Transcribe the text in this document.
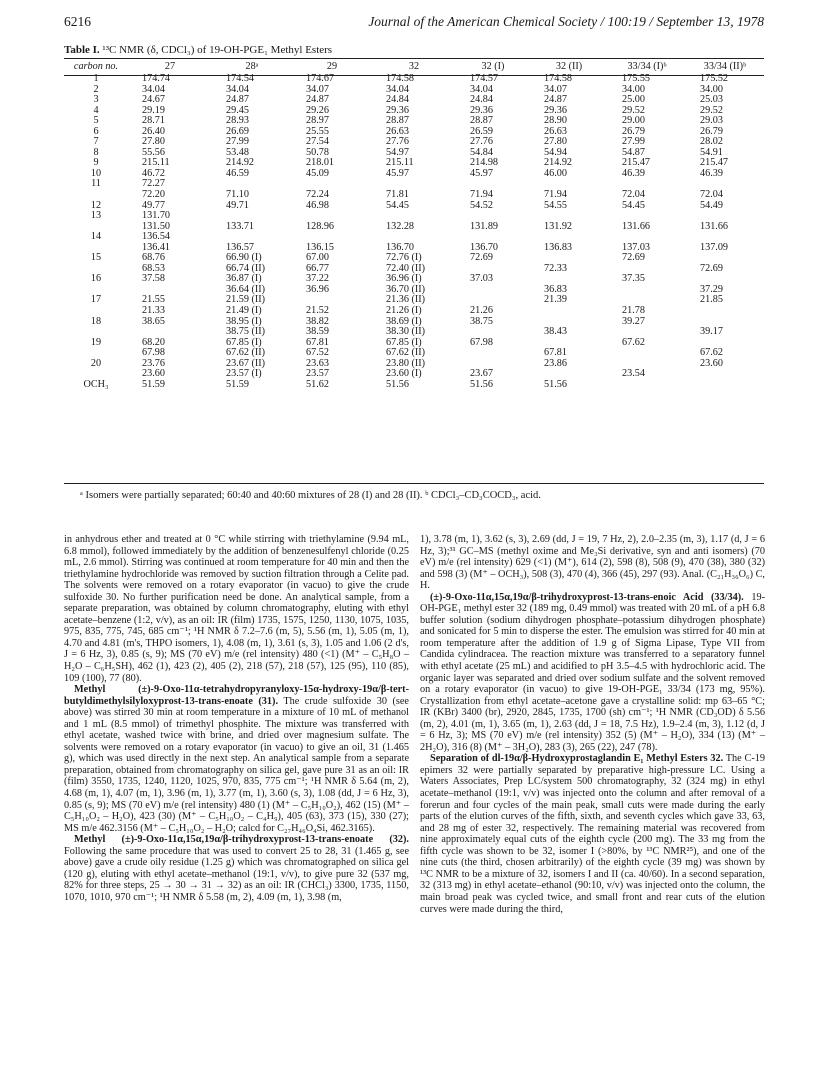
6216	Journal of the American Chemical Society / 100:19 / September 13, 1978
Table I. ¹³C NMR (δ, CDCl₃) of 19-OH-PGE₁ Methyl Esters
carbon no.	27	28ᵃ	29	32	32 (I)	32 (II)	33/34 (I)ᵇ	33/34 (II)ᵇ
1	174.74	174.54	174.67	174.58	174.57	174.58	175.55	175.52
2	34.04	34.04	34.07	34.04	34.04	34.07	34.00	34.00
3	24.67	24.87	24.87	24.84	24.84	24.87	25.00	25.03
4	29.19	29.45	29.26	29.36	29.36	29.36	29.52	29.52
5	28.71	28.93	28.97	28.87	28.87	28.90	29.00	29.03
6	26.40	26.69	25.55	26.63	26.59	26.63	26.79	26.79
7	27.80	27.99	27.54	27.76	27.76	27.80	27.99	28.02
8	55.56	53.48	50.78	54.97	54.84	54.94	54.87	54.91
9	215.11	214.92	218.01	215.11	214.98	214.92	215.47	215.47
10	46.72	46.59	45.09	45.97	45.97	46.00	46.39	46.39
11	72.27							
	72.20	71.10	72.24	71.81	71.94	71.94	72.04	72.04
12	49.77	49.71	46.98	54.45	54.52	54.55	54.45	54.49
13	131.70							
	131.50	133.71	128.96	132.28	131.89	131.92	131.66	131.66
14	136.54							
	136.41	136.57	136.15	136.70	136.70	136.83	137.03	137.09
15	68.76	66.90 (I)	67.00	72.76 (I)	72.69		72.69	
	68.53	66.74 (II)	66.77	72.40 (II)		72.33		72.69
16	37.58	36.87 (I)	37.22	36.96 (I)	37.03		37.35	
		36.64 (II)	36.96	36.70 (II)		36.83		37.29
17	21.55	21.59 (II)		21.36 (II)		21.39		21.85
	21.33	21.49 (I)	21.52	21.26 (I)	21.26		21.78	
18	38.65	38.95 (I)	38.82	38.69 (I)	38.75		39.27	
		38.75 (II)	38.59	38.30 (II)		38.43		39.17
19	68.20	67.85 (I)	67.81	67.85 (I)	67.98		67.62	
	67.98	67.62 (II)	67.52	67.62 (II)		67.81		67.62
20	23.76	23.67 (II)	23.63	23.80 (II)		23.86		23.60
	23.60	23.57 (I)	23.57	23.60 (I)	23.67		23.54	
OCH₃	51.59	51.59	51.62	51.56	51.56	51.56		
ᵃ Isomers were partially separated; 60:40 and 40:60 mixtures of 28 (I) and 28 (II). ᵇ CDCl₃–CD₃COCD₃, acid.

in anhydrous ether and treated at 0 °C while stirring with triethylamine (9.94 mL, 6.8 mmol), followed immediately by the addition of benzenesulfenyl chloride (0.25 mL, 2.6 mmol). Stirring was continued at room temperature for 40 min and then the triethylamine hydrochloride was removed by suction filtration through a Celite pad. The solvents were removed on a rotary evaporator (in vacuo) to give the crude sulfoxide 30. No further purification need be done. An analytical sample, from a separate preparation, was obtained by column chromatography, eluting with ethyl acetate–benzene (1:2, v/v), as an oil: IR (film) 1735, 1575, 1250, 1130, 1075, 1035, 975, 835, 775, 745, 685 cm⁻¹; ¹H NMR δ 7.2–7.6 (m, 5), 5.56 (m, 1), 5.05 (m, 1), 4.70 and 4.81 (m's, THPO isomers, 1), 4.08 (m, 1), 3.61 (s, 3), 1.05 and 1.06 (2 d's, J = 6 Hz, 3), 0.85 (s, 9); MS (70 eV) m/e (rel intensity) 480 (<1) (M⁺ – C₅H₈O – H₂O – C₆H₅SH), 462 (1), 423 (2), 405 (2), 218 (57), 218 (57), 125 (95), 110 (85), 109 (100), 77 (80).

Methyl (±)-9-Oxo-11α-tetrahydropyranyloxy-15α-hydroxy-19α/β-tert-butyldimethylsilyloxyprost-13-trans-enoate (31). The crude sulfoxide 30 (see above) was stirred 30 min at room temperature in a mixture of 10 mL of methanol and 1 mL (8.5 mmol) of trimethyl phosphite. The mixture was transferred with ethyl acetate, washed twice with brine, and dried over magnesium sulfate. The solvents were removed on a rotary evaporator (in vacuo) to give an oil, 31 (1.465 g), which was used directly in the next step. An analytical sample from a separate preparation, obtained from chromatography on silica gel, gave pure 31 as an oil: IR (film) 3550, 1735, 1240, 1120, 1025, 970, 835, 775 cm⁻¹; ¹H NMR δ 5.64 (m, 2), 4.68 (m, 1), 4.07 (m, 1), 3.96 (m, 1), 3.77 (m, 1), 3.60 (s, 3), 1.08 (dd, J = 6 Hz, 3), 0.85 (s, 9); MS (70 eV) m/e (rel intensity) 480 (1) (M⁺ – C₅H₁₀O₂), 462 (15) (M⁺ – C₅H₁₀O₂ – H₂O), 423 (30) (M⁺ – C₅H₁₀O₂ – C₄H₉), 405 (63), 373 (15), 330 (27); MS m/e 462.3156 (M⁺ – C₅H₁₀O₂ – H₂O; calcd for C₂₇H₄₆O₄Si, 462.3165).

Methyl (±)-9-Oxo-11α,15α,19α/β-trihydroxyprost-13-trans-enoate (32). Following the same procedure that was used to convert 25 to 28, 31 (1.465 g, see above) gave a crude oily residue (1.25 g) which was chromatographed on silica gel (120 g), eluting with ethyl acetate–methanol (19:1, v/v), to give pure 32 (537 mg, 82% for three steps, 25 → 30 → 31 → 32) as an oil: IR (CHCl₃) 3300, 1735, 1150, 1070, 1010, 970 cm⁻¹; ¹H NMR δ 5.58 (m, 2), 4.09 (m, 1), 3.98 (m,

1), 3.78 (m, 1), 3.62 (s, 3), 2.69 (dd, J = 19, 7 Hz, 2), 2.0–2.35 (m, 3), 1.17 (d, J = 6 Hz, 3);³¹ GC–MS (methyl oxime and Me₃Si derivative, syn and anti isomers) (70 eV) m/e (rel intensity) 629 (<1) (M⁺), 614 (2), 598 (8), 508 (9), 470 (38), 380 (32) and 598 (3) (M⁺ – OCH₃), 508 (3), 470 (4), 366 (45), 297 (93). Anal. (C₂₁H₃₆O₆) C, H.

(±)-9-Oxo-11α,15α,19α/β-trihydroxyprost-13-trans-enoic Acid (33/34). 19-OH-PGE₁ methyl ester 32 (189 mg, 0.49 mmol) was treated with 20 mL of a pH 6.8 buffer solution (sodium dihydrogen phosphate–potassium dihydrogen phosphate) and sonicated for 5 min to disperse the ester. The emulsion was stirred for 40 min at room temperature after the addition of 1.9 g of Sigma Lipase, Type VII from Candida cylindracea. The reaction mixture was transferred to a separatory funnel with ethyl acetate (25 mL) and acidified to pH 3.5–4.5 with hydrochloric acid. The organic layer was separated and dried over sodium sulfate and the solvent removed on a rotary evaporator (in vacuo) to give 19-OH-PGE₁ 33/34 (173 mg, 95%). Crystallization from ethyl acetate–acetone gave a crystalline solid: mp 63–65 °C; IR (KBr) 3400 (br), 2920, 2845, 1735, 1700 (sh) cm⁻¹; ¹H NMR (CD₃OD) δ 5.56 (m, 2), 4.01 (m, 1), 3.65 (m, 1), 2.63 (dd, J = 18, 7.5 Hz), 1.9–2.4 (m, 3), 1.12 (d, J = 6 Hz, 3); MS (70 eV) m/e (rel intensity) 352 (5) (M⁺ – H₂O), 334 (13) (M⁺ – 2H₂O), 316 (8) (M⁺ – 3H₂O), 283 (3), 265 (22), 247 (78).

Separation of dl-19α/β-Hydroxyprostaglandin E₁ Methyl Esters 32. The C-19 epimers 32 were partially separated by preparative high-pressure LC. Using a Waters Associates, Prep LC/system 500 chromatography, 32 (324 mg) in ethyl acetate–methanol (19:1, v/v) was injected onto the column and after removal of a forerun and four cycles of the main peak, small cuts were made during the early parts of the elution curves of the fifth, sixth, and seventh cycles which gave 33, 63, and 28 mg of ester 32, respectively. The remaining material was recovered from nine approximately equal cuts of the eighth cycle (200 mg). The 33 mg from the fifth cycle was shown to be 32, isomer I (>80%, by ¹³C NMR²⁵), and one of the nine cuts (the third, chosen arbitrarily) of the eighth cycle (39 mg) was shown by ¹³C NMR to be a mixture of 32, isomers I and II (ca. 40/60). In a second separation, 32 (313 mg) in ethyl acetate–ethanol (90:10, v/v) was injected onto the column, the main broad peak was cycled twice, and small front and rear cuts of the elution curves were made during the third,
